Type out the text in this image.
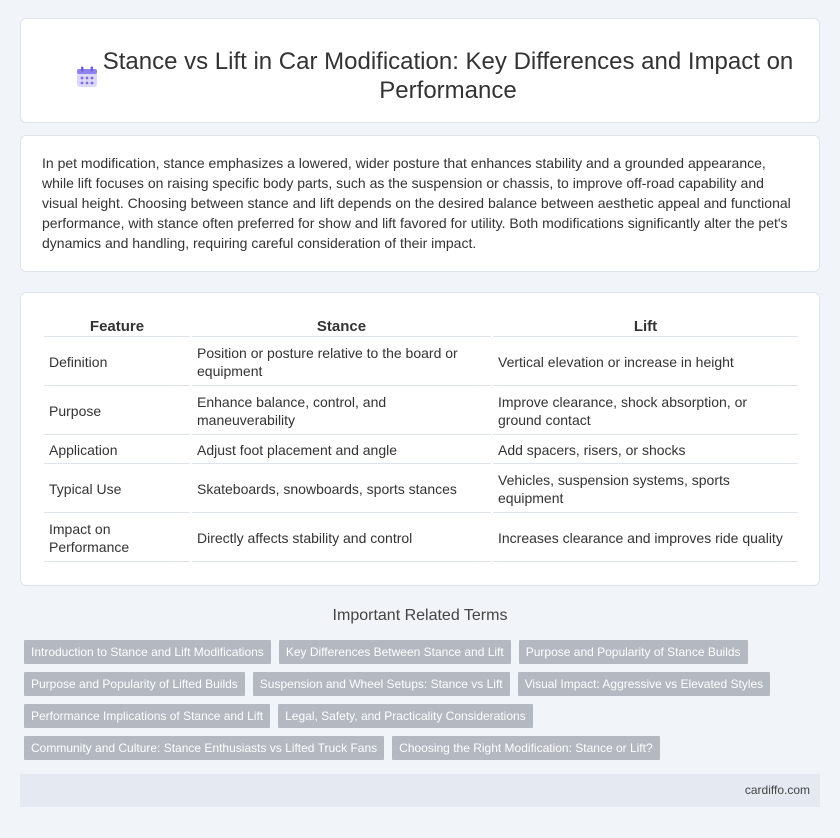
Stance vs Lift in Car Modification: Key Differences and Impact on Performance

In pet modification, stance emphasizes a lowered, wider posture that enhances stability and a grounded appearance, while lift focuses on raising specific body parts, such as the suspension or chassis, to improve off-road capability and visual height. Choosing between stance and lift depends on the desired balance between aesthetic appeal and functional performance, with stance often preferred for show and lift favored for utility. Both modifications significantly alter the pet's dynamics and handling, requiring careful consideration of their impact.

Feature	Stance	Lift
Definition	Position or posture relative to the board or equipment	Vertical elevation or increase in height
Purpose	Enhance balance, control, and maneuverability	Improve clearance, shock absorption, or ground contact
Application	Adjust foot placement and angle	Add spacers, risers, or shocks
Typical Use	Skateboards, snowboards, sports stances	Vehicles, suspension systems, sports equipment
Impact on Performance	Directly affects stability and control	Increases clearance and improves ride quality
Important Related Terms
Introduction to Stance and Lift Modifications	Key Differences Between Stance and Lift	Purpose and Popularity of Stance Builds
Purpose and Popularity of Lifted Builds	Suspension and Wheel Setups: Stance vs Lift	Visual Impact: Aggressive vs Elevated Styles
Performance Implications of Stance and Lift	Legal, Safety, and Practicality Considerations
Community and Culture: Stance Enthusiasts vs Lifted Truck Fans	Choosing the Right Modification: Stance or Lift?
cardiffo.com
